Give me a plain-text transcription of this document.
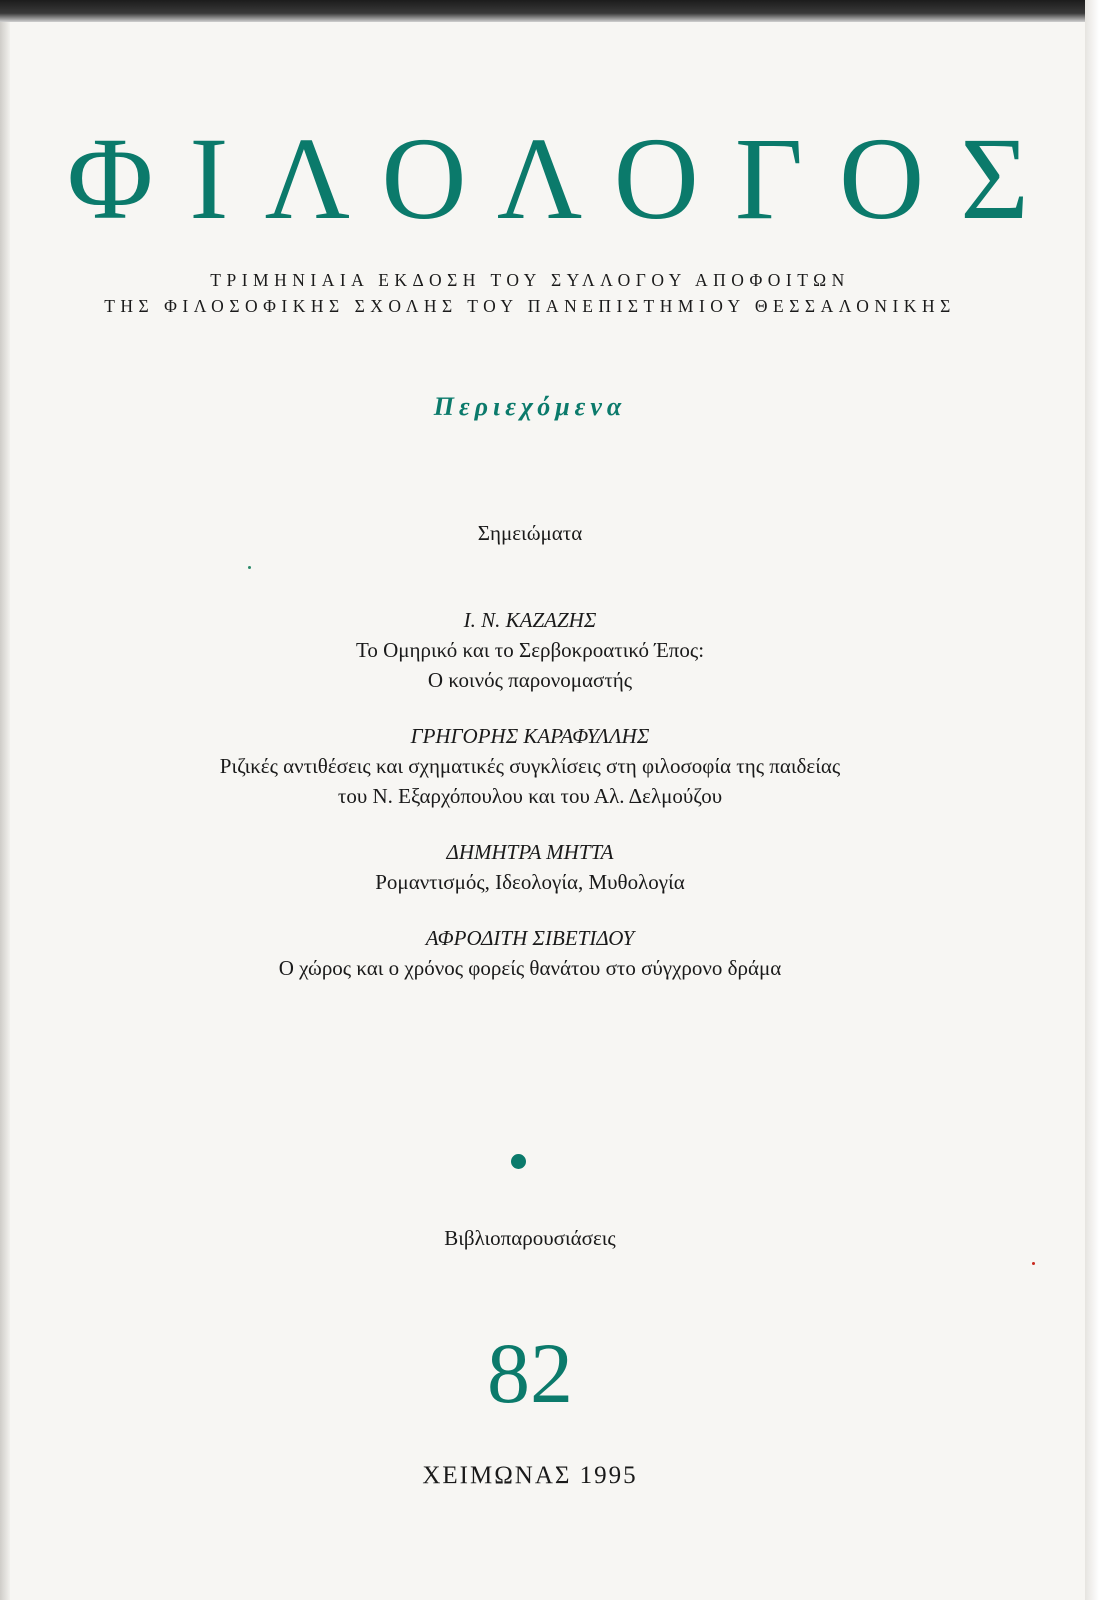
ΦΙΛΟΛΟΓΟΣ
ΤΡΙΜΗΝΙΑΙΑ ΕΚΔΟΣΗ ΤΟΥ ΣΥΛΛΟΓΟΥ ΑΠΟΦΟΙΤΩΝ
ΤΗΣ ΦΙΛΟΣΟΦΙΚΗΣ ΣΧΟΛΗΣ ΤΟΥ ΠΑΝΕΠΙΣΤΗΜΙΟΥ ΘΕΣΣΑΛΟΝΙΚΗΣ
Περιεχόμενα
Σημειώματα
Ι. Ν. ΚΑΖΑΖΗΣ
Το Ομηρικό και το Σερβοκροατικό Έπος:
Ο κοινός παρονομαστής
ΓΡΗΓΟΡΗΣ ΚΑΡΑΦΥΛΛΗΣ
Ριζικές αντιθέσεις και σχηματικές συγκλίσεις στη φιλοσοφία της παιδείας
του Ν. Εξαρχόπουλου και του Αλ. Δελμούζου
ΔΗΜΗΤΡΑ ΜΗΤΤΑ
Ρομαντισμός, Ιδεολογία, Μυθολογία
ΑΦΡΟΔΙΤΗ ΣΙΒΕΤΙΔΟΥ
Ο χώρος και ο χρόνος φορείς θανάτου στο σύγχρονο δράμα
Βιβλιοπαρουσιάσεις
82
ΧΕΙΜΩΝΑΣ 1995
